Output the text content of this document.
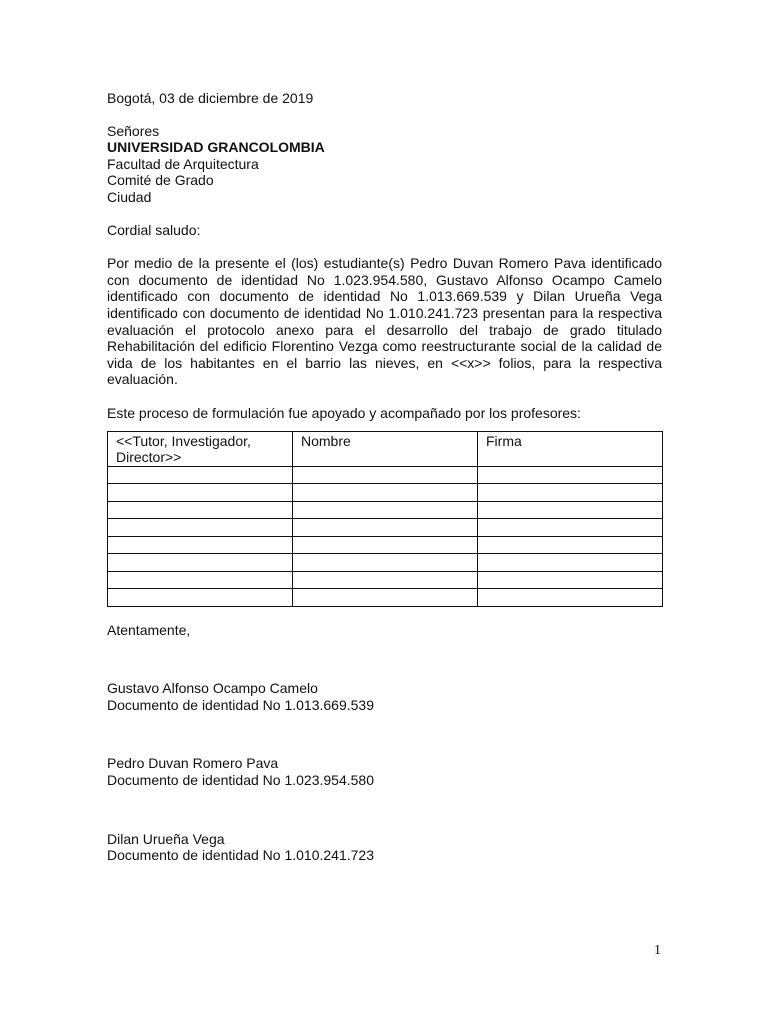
Bogotá, 03 de diciembre de 2019
Señores
UNIVERSIDAD GRANCOLOMBIA
Facultad de Arquitectura
Comité de Grado
Ciudad
Cordial saludo:
Por medio de la presente el (los) estudiante(s) Pedro Duvan Romero Pava identificado con documento de identidad No 1.023.954.580, Gustavo Alfonso Ocampo Camelo identificado con documento de identidad No 1.013.669.539 y Dilan Urueña Vega identificado con documento de identidad No 1.010.241.723 presentan para la respectiva evaluación el protocolo anexo para el desarrollo del trabajo de grado titulado Rehabilitación del edificio Florentino Vezga como reestructurante social de la calidad de vida de los habitantes en el barrio las nieves, en <<x>> folios, para la respectiva evaluación.
Este proceso de formulación fue apoyado y acompañado por los profesores:
<<Tutor, Investigador, Director>>	Nombre	Firma

Atentamente,
Gustavo Alfonso Ocampo Camelo
Documento de identidad No 1.013.669.539
Pedro Duvan Romero Pava
Documento de identidad No 1.023.954.580
Dilan Urueña Vega
Documento de identidad No 1.010.241.723
1
